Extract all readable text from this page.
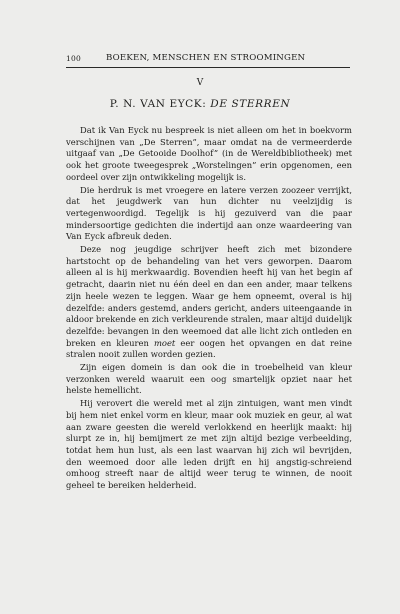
100	BOEKEN, MENSCHEN EN STROOMINGEN
V
P. N. VAN EYCK: DE STERREN

Dat ik Van Eyck nu bespreek is niet alleen om het in boekvorm verschijnen van „De Sterren”, maar omdat na de vermeerderde uitgaaf van „De Getooide Doolhof” (in de Wereldbibliotheek) met ook het groote tweegesprek „Worstelingen” erin opgenomen, een oordeel over zijn ontwikkeling mogelijk is.

Die herdruk is met vroegere en latere verzen zoozeer verrijkt, dat het jeugdwerk van hun dichter nu veelzijdig is vertegenwoordigd. Tegelijk is hij gezuiverd van die paar mindersoortige gedichten die indertijd aan onze waardeering van Van Eyck afbreuk deden.

Deze nog jeugdige schrijver heeft zich met bizondere hartstocht op de behandeling van het vers geworpen. Daarom alleen al is hij merkwaardig. Bovendien heeft hij van het begin af getracht, daarin niet nu één deel en dan een ander, maar telkens zijn heele wezen te leggen. Waar ge hem opneemt, overal is hij dezelfde: anders gestemd, anders gericht, anders uiteengaande in aldoor brekende en zich verkleurende stralen, maar altijd duidelijk dezelfde: bevangen in den weemoed dat alle licht zich ontleden en breken en kleuren moet eer oogen het opvangen en dat reine stralen nooit zullen worden gezien.

Zijn eigen domein is dan ook die in troebelheid van kleur verzonken wereld waaruit een oog smartelijk opziet naar het helste hemellicht.

Hij verovert die wereld met al zijn zintuigen, want men vindt bij hem niet enkel vorm en kleur, maar ook muziek en geur, al wat aan zware geesten die wereld verlokkend en heerlijk maakt: hij slurpt ze in, hij bemijmert ze met zijn altijd bezige verbeelding, totdat hem hun lust, als een last waarvan hij zich wil bevrijden, den weemoed door alle leden drijft en hij angstig-schreiend omhoog streeft naar de altijd weer terug te winnen, de nooit geheel te bereiken helderheid.
